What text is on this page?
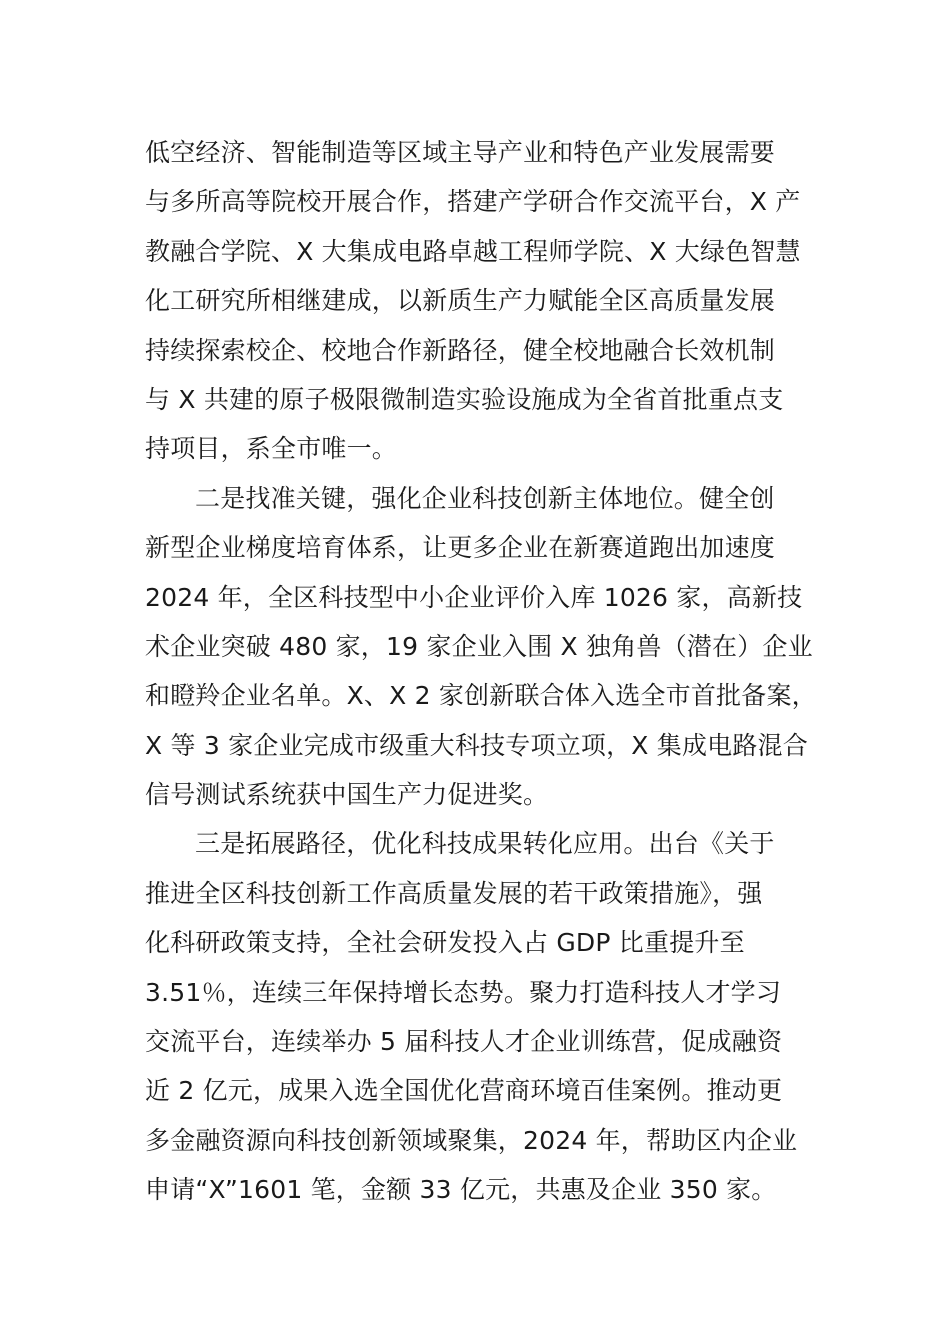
低空经济、智能制造等区域主导产业和特色产业发展需要
与多所高等院校开展合作，搭建产学研合作交流平台，X 产
教融合学院、X 大集成电路卓越工程师学院、X 大绿色智慧
化工研究所相继建成，以新质生产力赋能全区高质量发展
持续探索校企、校地合作新路径，健全校地融合长效机制
与 X 共建的原子极限微制造实验设施成为全省首批重点支
持项目，系全市唯一。
二是找准关键，强化企业科技创新主体地位。健全创
新型企业梯度培育体系，让更多企业在新赛道跑出加速度
2024 年，全区科技型中小企业评价入库 1026 家，高新技
术企业突破 480 家，19 家企业入围 X 独角兽（潜在）企业
和瞪羚企业名单。X、X 2 家创新联合体入选全市首批备案，
X 等 3 家企业完成市级重大科技专项立项，X 集成电路混合
信号测试系统获中国生产力促进奖。
三是拓展路径，优化科技成果转化应用。出台《关于
推进全区科技创新工作高质量发展的若干政策措施》，强
化科研政策支持，全社会研发投入占 GDP 比重提升至
3.51％，连续三年保持增长态势。聚力打造科技人才学习
交流平台，连续举办 5 届科技人才企业训练营，促成融资
近 2 亿元，成果入选全国优化营商环境百佳案例。推动更
多金融资源向科技创新领域聚集，2024 年，帮助区内企业
申请“X”1601 笔，金额 33 亿元，共惠及企业 350 家。
